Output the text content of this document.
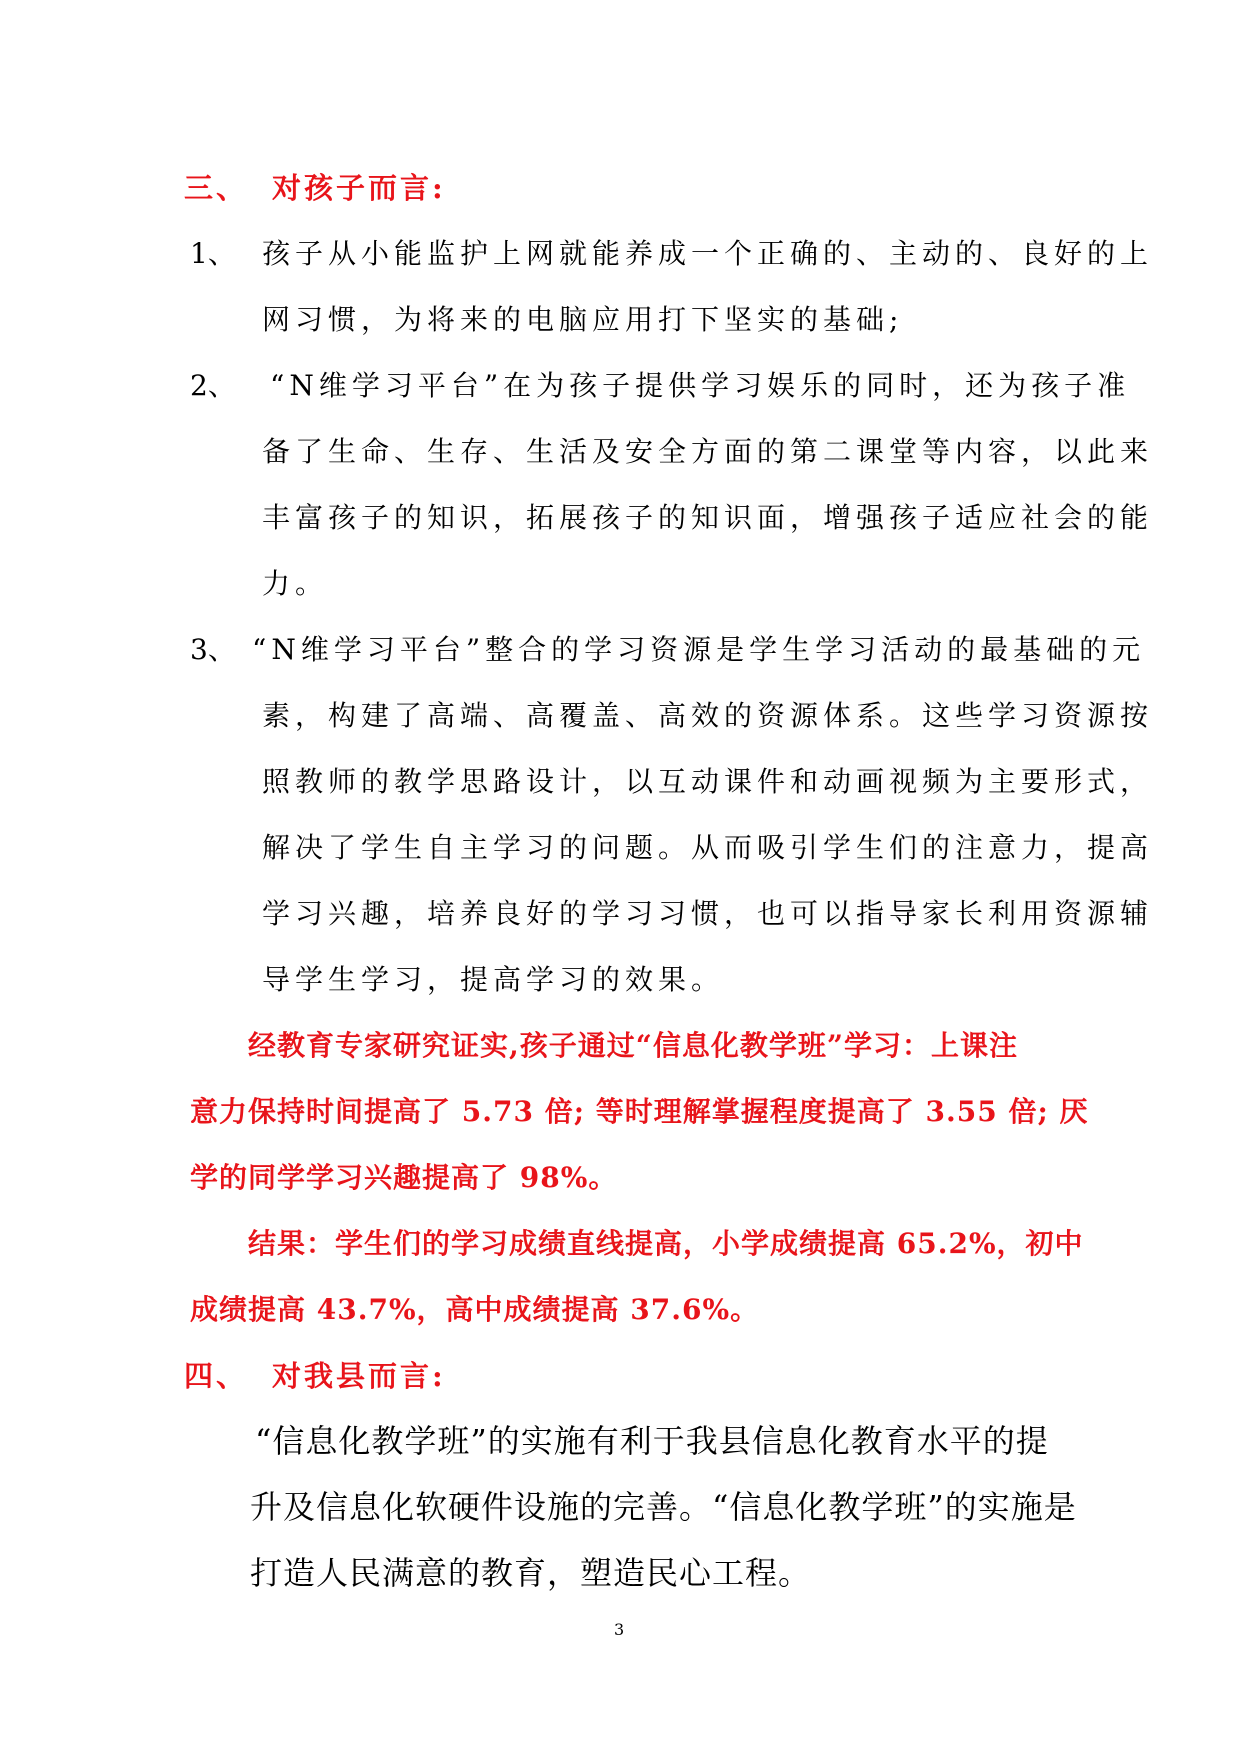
三、 对孩子而言:
1、 孩子从小能监护上网就能养成一个正确的、主动的、良好的上
网习惯，为将来的电脑应用打下坚实的基础;
2、 “N维学习平台”在为孩子提供学习娱乐的同时，还为孩子准
备了生命、生存、生活及安全方面的第二课堂等内容，以此来
丰富孩子的知识，拓展孩子的知识面，增强孩子适应社会的能
力。
3、 “N维学习平台”整合的学习资源是学生学习活动的最基础的元
素，构建了高端、高覆盖、高效的资源体系。这些学习资源按
照教师的教学思路设计，以互动课件和动画视频为主要形式，
解决了学生自主学习的问题。从而吸引学生们的注意力，提高
学习兴趣，培养良好的学习习惯，也可以指导家长利用资源辅
导学生学习，提高学习的效果。
经教育专家研究证实,孩子通过“信息化教学班”学习：上课注
意力保持时间提高了 5.73 倍; 等时理解掌握程度提高了 3.55 倍; 厌
学的同学学习兴趣提高了 98%。
结果：学生们的学习成绩直线提高，小学成绩提高 65.2%，初中
成绩提高 43.7%，高中成绩提高 37.6%。
四、 对我县而言:
“信息化教学班”的实施有利于我县信息化教育水平的提
升及信息化软硬件设施的完善。“信息化教学班”的实施是
打造人民满意的教育，塑造民心工程。
3
